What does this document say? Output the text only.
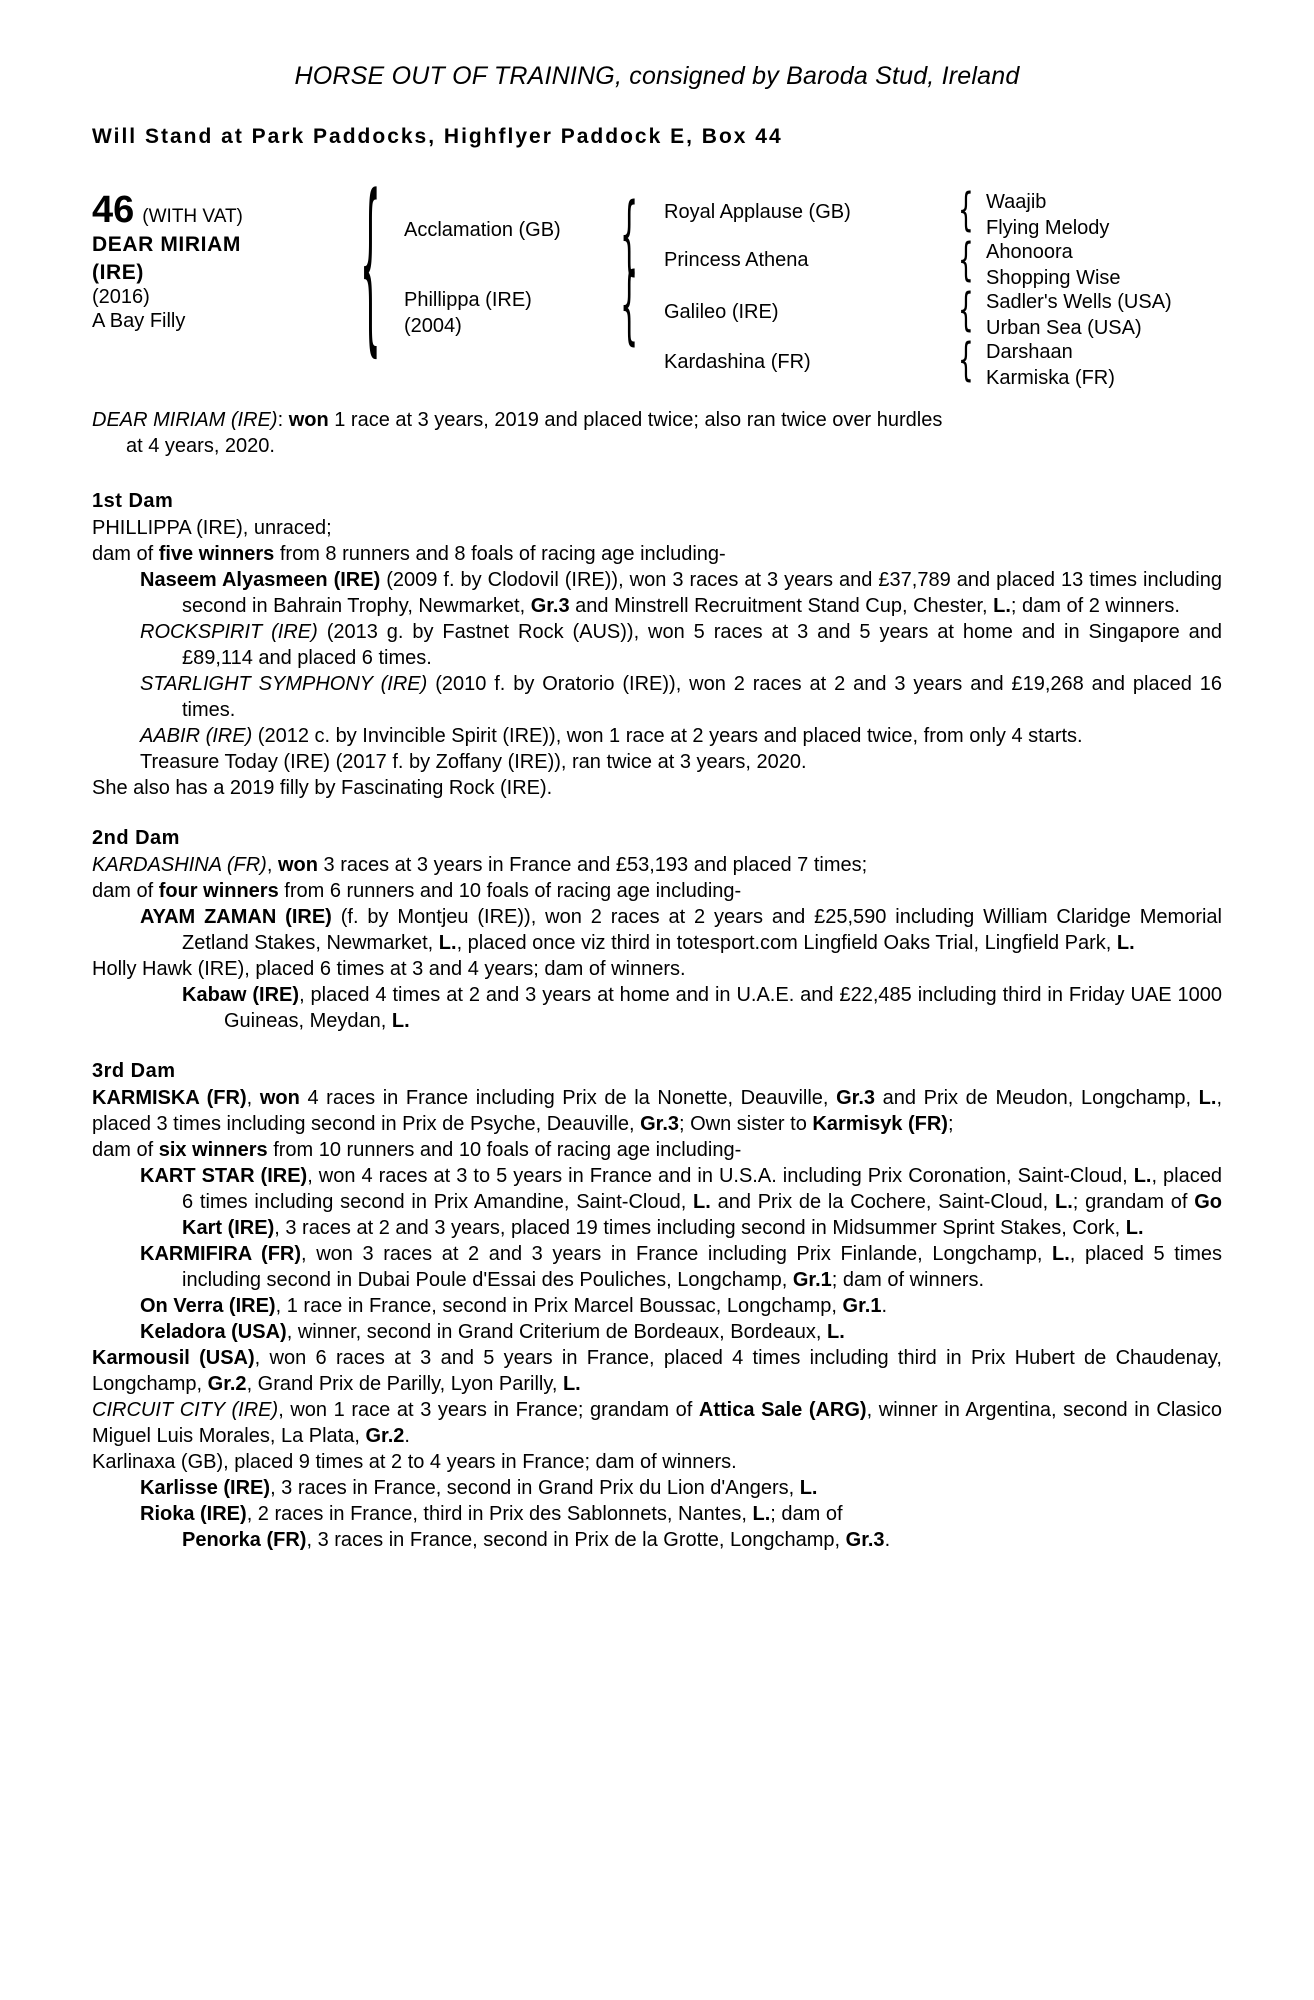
HORSE OUT OF TRAINING, consigned by Baroda Stud, Ireland
Will Stand at Park Paddocks, Highflyer Paddock E, Box 44
46 (WITH VAT)
DEAR MIRIAM
(IRE)
(2016)
A Bay Filly	{ Acclamation (GB)
Phillippa (IRE)
(2004)
{
{
Royal Applause (GB)
Princess Athena
Galileo (IRE)
Kardashina (FR)
{
{
{
{
Waajib
Flying Melody
Ahonoora
Shopping Wise
Sadler's Wells (USA)
Urban Sea (USA)
Darshaan
Karmiska (FR)
DEAR MIRIAM (IRE): won 1 race at 3 years, 2019 and placed twice; also ran twice over hurdles
at 4 years, 2020.
1st Dam
PHILLIPPA (IRE), unraced;
dam of five winners from 8 runners and 8 foals of racing age including-
Naseem Alyasmeen (IRE) (2009 f. by Clodovil (IRE)), won 3 races at 3 years and £37,789 and placed 13 times including second in Bahrain Trophy, Newmarket, Gr.3 and Minstrell Recruitment Stand Cup, Chester, L.; dam of 2 winners.
ROCKSPIRIT (IRE) (2013 g. by Fastnet Rock (AUS)), won 5 races at 3 and 5 years at home and in Singapore and £89,114 and placed 6 times.
STARLIGHT SYMPHONY (IRE) (2010 f. by Oratorio (IRE)), won 2 races at 2 and 3 years and £19,268 and placed 16 times.
AABIR (IRE) (2012 c. by Invincible Spirit (IRE)), won 1 race at 2 years and placed twice, from only 4 starts.
Treasure Today (IRE) (2017 f. by Zoffany (IRE)), ran twice at 3 years, 2020.
She also has a 2019 filly by Fascinating Rock (IRE).
2nd Dam
KARDASHINA (FR), won 3 races at 3 years in France and £53,193 and placed 7 times;
dam of four winners from 6 runners and 10 foals of racing age including-
AYAM ZAMAN (IRE) (f. by Montjeu (IRE)), won 2 races at 2 years and £25,590 including William Claridge Memorial Zetland Stakes, Newmarket, L., placed once viz third in totesport.com Lingfield Oaks Trial, Lingfield Park, L.
Holly Hawk (IRE), placed 6 times at 3 and 4 years; dam of winners.
Kabaw (IRE), placed 4 times at 2 and 3 years at home and in U.A.E. and £22,485 including third in Friday UAE 1000 Guineas, Meydan, L.
3rd Dam
KARMISKA (FR), won 4 races in France including Prix de la Nonette, Deauville, Gr.3 and Prix de Meudon, Longchamp, L., placed 3 times including second in Prix de Psyche, Deauville, Gr.3; Own sister to Karmisyk (FR);
dam of six winners from 10 runners and 10 foals of racing age including-
KART STAR (IRE), won 4 races at 3 to 5 years in France and in U.S.A. including Prix Coronation, Saint-Cloud, L., placed 6 times including second in Prix Amandine, Saint-Cloud, L. and Prix de la Cochere, Saint-Cloud, L.; grandam of Go Kart (IRE), 3 races at 2 and 3 years, placed 19 times including second in Midsummer Sprint Stakes, Cork, L.
KARMIFIRA (FR), won 3 races at 2 and 3 years in France including Prix Finlande, Longchamp, L., placed 5 times including second in Dubai Poule d'Essai des Pouliches, Longchamp, Gr.1; dam of winners.
On Verra (IRE), 1 race in France, second in Prix Marcel Boussac, Longchamp, Gr.1.
Keladora (USA), winner, second in Grand Criterium de Bordeaux, Bordeaux, L.
Karmousil (USA), won 6 races at 3 and 5 years in France, placed 4 times including third in Prix Hubert de Chaudenay, Longchamp, Gr.2, Grand Prix de Parilly, Lyon Parilly, L.
CIRCUIT CITY (IRE), won 1 race at 3 years in France; grandam of Attica Sale (ARG), winner in Argentina, second in Clasico Miguel Luis Morales, La Plata, Gr.2.
Karlinaxa (GB), placed 9 times at 2 to 4 years in France; dam of winners.
Karlisse (IRE), 3 races in France, second in Grand Prix du Lion d'Angers, L.
Rioka (IRE), 2 races in France, third in Prix des Sablonnets, Nantes, L.; dam of
Penorka (FR), 3 races in France, second in Prix de la Grotte, Longchamp, Gr.3.
